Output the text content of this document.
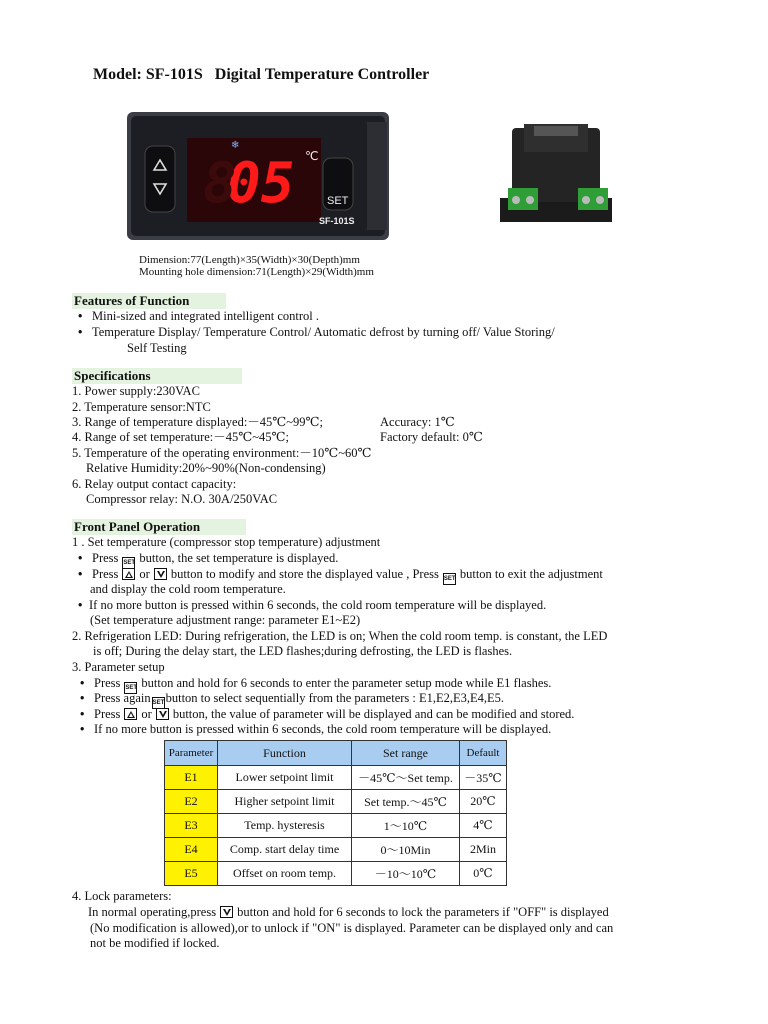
Model: SF-101S   Digital Temperature Controller
❄
05
8	℃
SET
SF-101S
Dimension:77(Length)×35(Width)×30(Depth)mm
Mounting hole dimension:71(Length)×29(Width)mm
Features of Function
• Mini-sized and integrated intelligent control .
• Temperature Display/ Temperature Control/ Automatic defrost by turning off/ Value Storing/
Self Testing
Specifications
1. Power supply:230VAC
2. Temperature sensor:NTC
3. Range of temperature displayed:－45℃~99℃;	Accuracy: 1℃
4. Range of set temperature:－45℃~45℃;	Factory default: 0℃
5. Temperature of the operating environment:－10℃~60℃
Relative Humidity:20%~90%(Non-condensing)
6. Relay output contact capacity:
Compressor relay: N.O. 30A/250VAC
Front Panel Operation
1 . Set temperature (compressor stop temperature) adjustment
• Press SET button, the set temperature is displayed.
• Press or button to modify and store the displayed value , Press SET button to exit the adjustment
and display the cold room temperature.
• If no more button is pressed within 6 seconds, the cold room temperature will be displayed.
(Set temperature adjustment range: parameter E1~E2)
2. Refrigeration LED: During refrigeration, the LED is on; When the cold room temp. is constant, the LED
is off; During the delay start, the LED flashes;during defrosting, the LED is flashes.
3. Parameter setup
• Press SET button and hold for 6 seconds to enter the parameter setup mode while E1 flashes.
• Press again SETbutton to select sequentially from the parameters : E1,E2,E3,E4,E5.
• Press or button, the value of parameter will be displayed and can be modified and stored.
• If no more button is pressed within 6 seconds, the cold room temperature will be displayed.
Parameter	Function	Set range	Default
E1	Lower setpoint limit	－45℃～Set temp.	－35℃
E2	Higher setpoint limit	Set temp.～45℃	20℃
E3	Temp. hysteresis	1～10℃	4℃
E4	Comp. start delay time	0～10Min	2Min
E5	Offset on room temp.	－10～10℃	0℃
4. Lock parameters:
In normal operating,press button and hold for 6 seconds to lock the parameters if "OFF" is displayed
(No modification is allowed),or to unlock if "ON" is displayed. Parameter can be displayed only and can
not be modified if locked.
